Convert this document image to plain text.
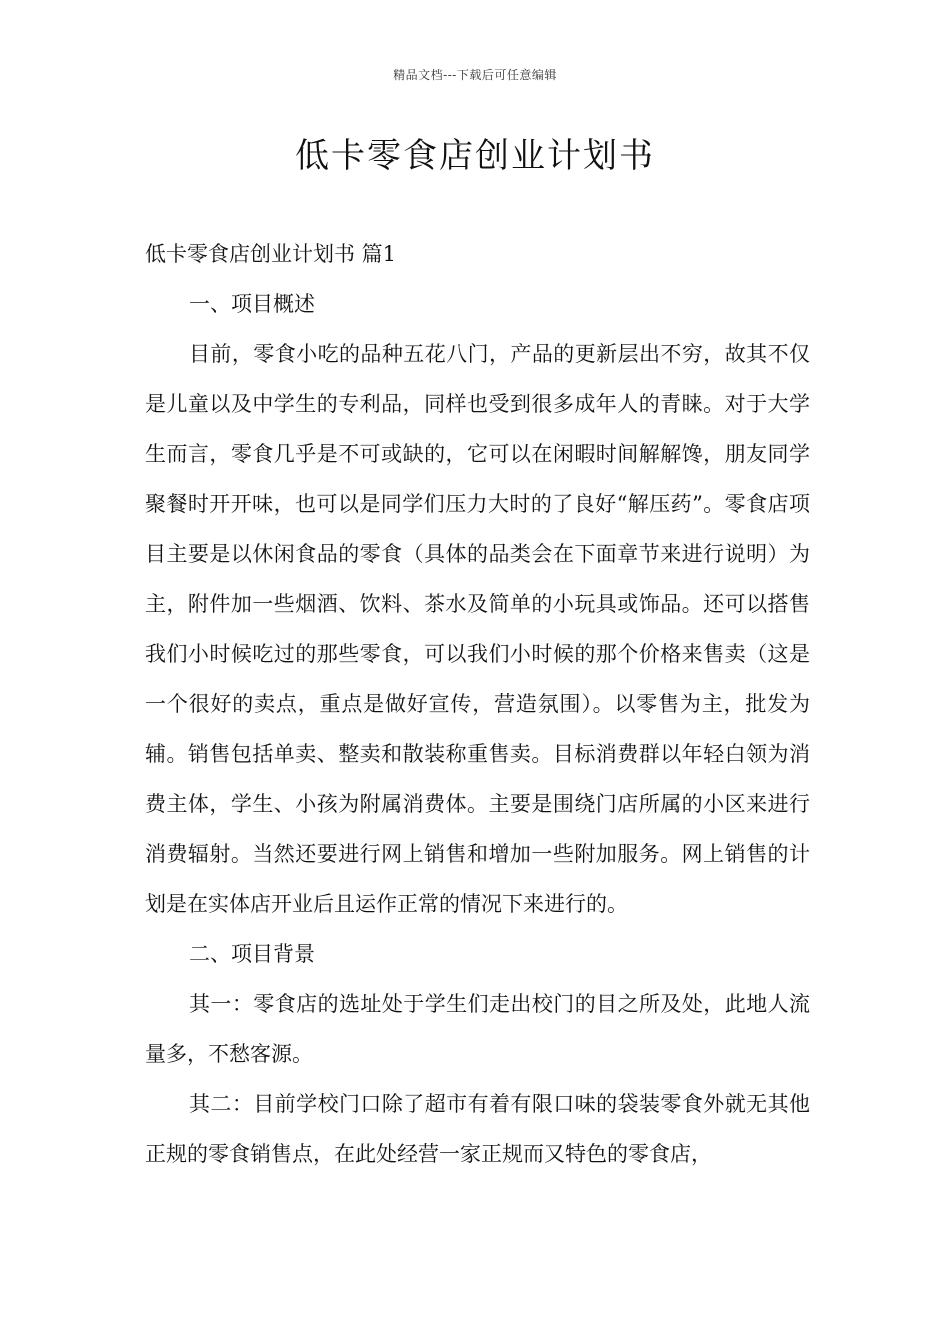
精品文档---下载后可任意编辑
低卡零食店创业计划书

低卡零食店创业计划书 篇1

一、项目概述

目前，零食小吃的品种五花八门，产品的更新层出不穷，故其不仅是儿童以及中学生的专利品，同样也受到很多成年人的青睐。对于大学生而言，零食几乎是不可或缺的，它可以在闲暇时间解解馋，朋友同学聚餐时开开味，也可以是同学们压力大时的了良好“解压药”。零食店项目主要是以休闲食品的零食（具体的品类会在下面章节来进行说明）为主，附件加一些烟酒、饮料、茶水及简单的小玩具或饰品。还可以搭售我们小时候吃过的那些零食，可以我们小时候的那个价格来售卖（这是一个很好的卖点，重点是做好宣传，营造氛围）。以零售为主，批发为辅。销售包括单卖、整卖和散装称重售卖。目标消费群以年轻白领为消费主体，学生、小孩为附属消费体。主要是围绕门店所属的小区来进行消费辐射。当然还要进行网上销售和增加一些附加服务。网上销售的计划是在实体店开业后且运作正常的情况下来进行的。

二、项目背景

其一：零食店的选址处于学生们走出校门的目之所及处，此地人流量多，不愁客源。

其二：目前学校门口除了超市有着有限口味的袋装零食外就无其他正规的零食销售点，在此处经营一家正规而又特色的零食店，
